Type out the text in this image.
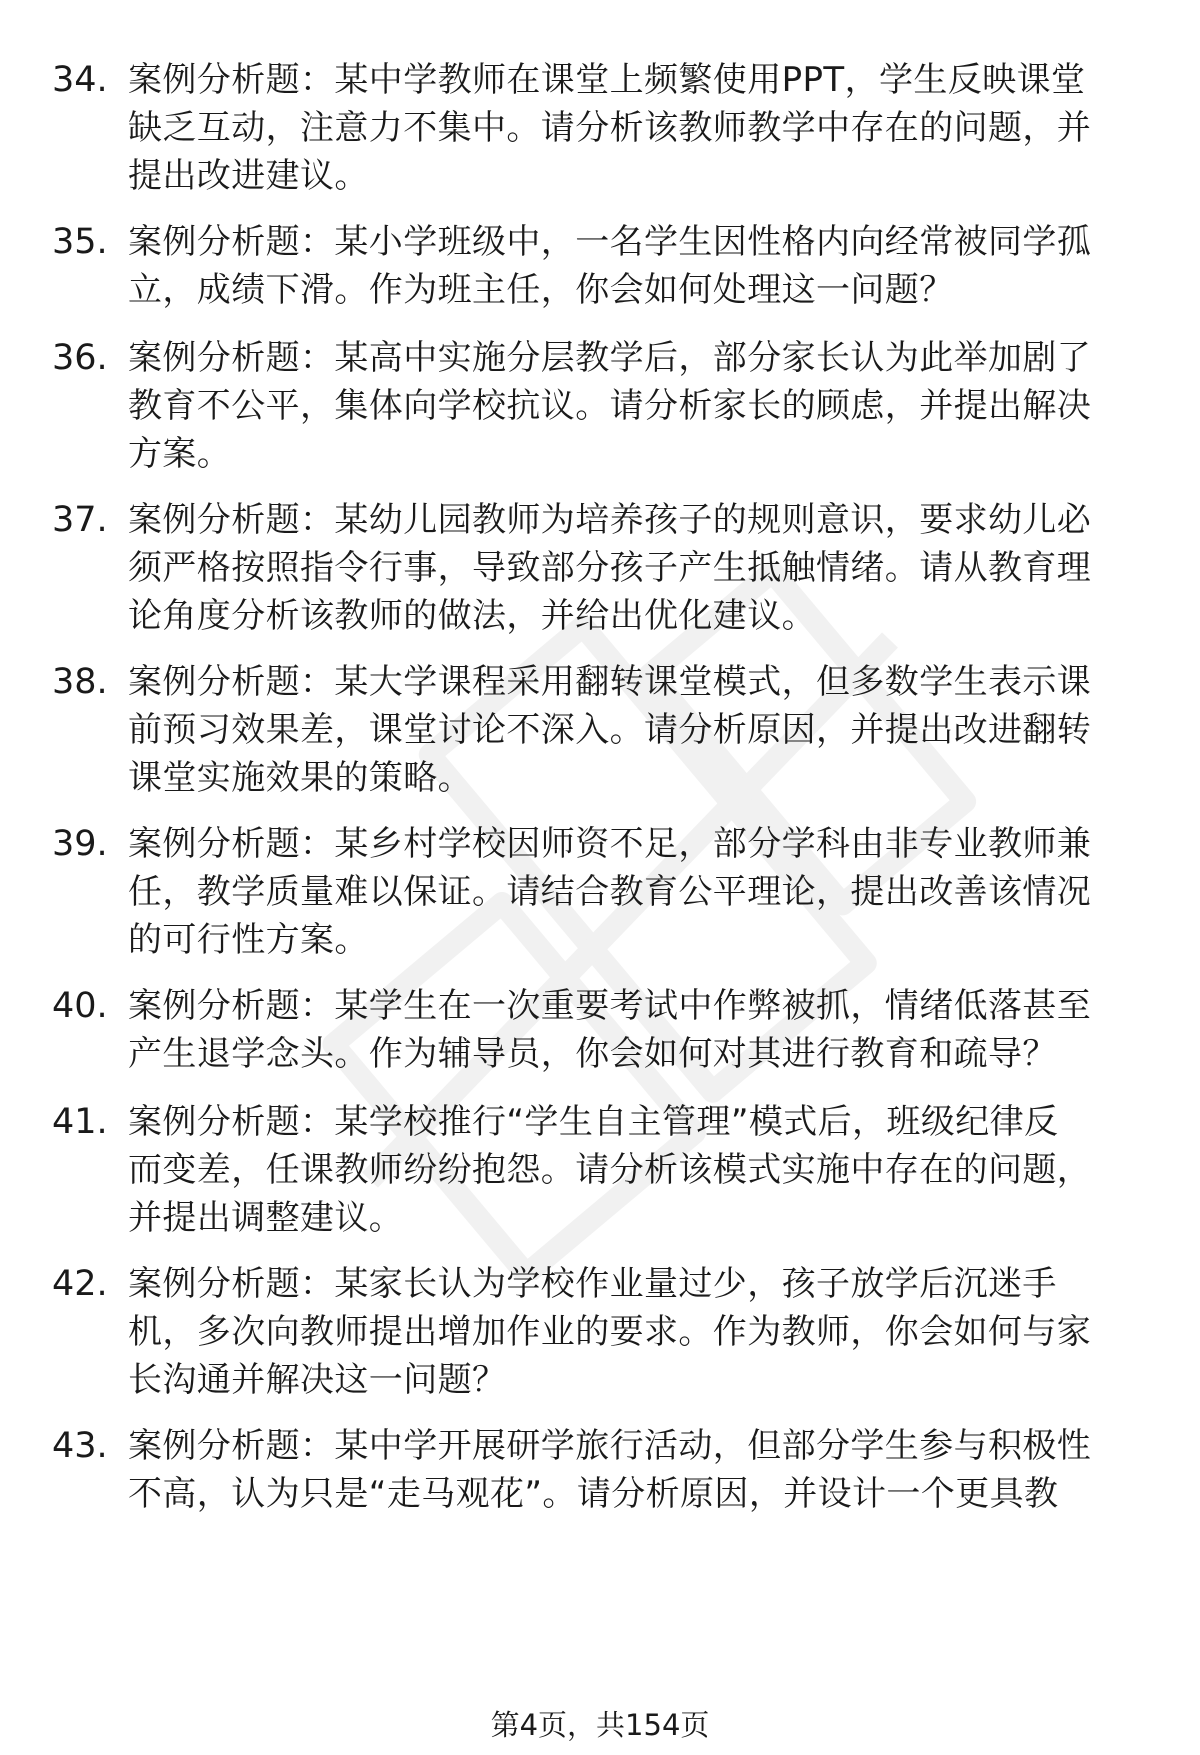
34. 案例分析题：某中学教师在课堂上频繁使用PPT，学生反映课堂
缺乏互动，注意力不集中。请分析该教师教学中存在的问题，并
提出改进建议。
35. 案例分析题：某小学班级中，一名学生因性格内向经常被同学孤
立，成绩下滑。作为班主任，你会如何处理这一问题？
36. 案例分析题：某高中实施分层教学后，部分家长认为此举加剧了
教育不公平，集体向学校抗议。请分析家长的顾虑，并提出解决
方案。
37. 案例分析题：某幼儿园教师为培养孩子的规则意识，要求幼儿必
须严格按照指令行事，导致部分孩子产生抵触情绪。请从教育理
论角度分析该教师的做法，并给出优化建议。
38. 案例分析题：某大学课程采用翻转课堂模式，但多数学生表示课
前预习效果差，课堂讨论不深入。请分析原因，并提出改进翻转
课堂实施效果的策略。
39. 案例分析题：某乡村学校因师资不足，部分学科由非专业教师兼
任，教学质量难以保证。请结合教育公平理论，提出改善该情况
的可行性方案。
40. 案例分析题：某学生在一次重要考试中作弊被抓，情绪低落甚至
产生退学念头。作为辅导员，你会如何对其进行教育和疏导？
41. 案例分析题：某学校推行“学生自主管理”模式后，班级纪律反
而变差，任课教师纷纷抱怨。请分析该模式实施中存在的问题，
并提出调整建议。
42. 案例分析题：某家长认为学校作业量过少，孩子放学后沉迷手
机，多次向教师提出增加作业的要求。作为教师，你会如何与家
长沟通并解决这一问题？
43. 案例分析题：某中学开展研学旅行活动，但部分学生参与积极性
不高，认为只是“走马观花”。请分析原因，并设计一个更具教
第4页，共154页
